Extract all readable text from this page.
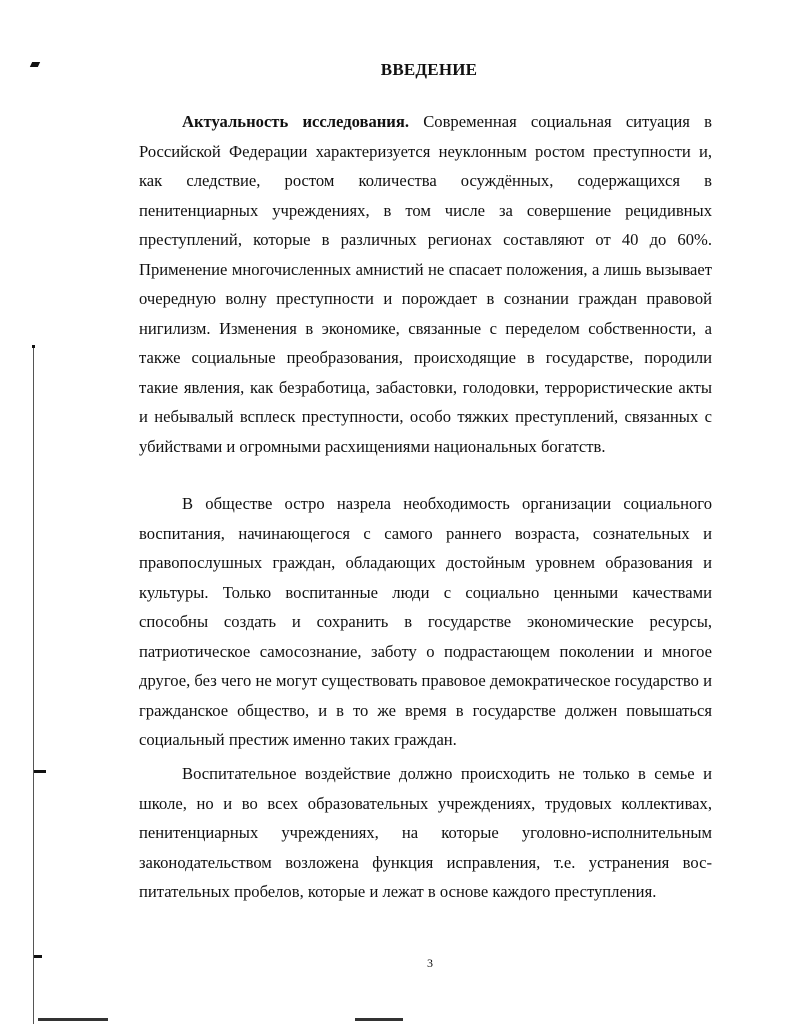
ВВЕДЕНИЕ

Актуальность исследования. Современная социальная ситуация в Российской Федерации характеризуется неуклонным ростом преступности и, как следствие, ростом количества осуждённых, содержащихся в пенитенциарных учреждениях, в том числе за совершение рецидивных преступлений, которые в различных регионах составляют от 40 до 60%. Применение многочисленных амнистий не спасает положения, а лишь вызывает очередную волну преступности и порождает в сознании граждан правовой нигилизм. Изменения в экономике, связанные с переделом собственности, а также социальные преобразования, происходящие в государстве, породили такие явления, как безработица, забастовки, голодовки, террористические акты и небывалый всплеск преступности, особо тяжких преступлений, связанных с убийствами и огромными расхищениями национальных богатств.

В обществе остро назрела необходимость организации социального воспитания, начинающегося с самого раннего возраста, сознательных и правопослушных граждан, обладающих достойным уровнем образования и культуры. Только воспитанные люди с социально ценными качествами способны создать и сохранить в государстве экономические ресурсы, патриотическое самосознание, заботу о подрастающем поколении и многое другое, без чего не могут существовать правовое демократическое государство и гражданское общество, и в то же время в государстве должен повышаться социальный престиж именно таких граждан.

Воспитательное воздействие должно происходить не только в семье и школе, но и во всех образовательных учреждениях, трудовых коллективах, пенитенциарных учреждениях, на которые уголовно-исполнительным законодательством возложена функция исправления, т.е. устранения воспитательных пробелов, которые и лежат в основе каждого преступления.

3
